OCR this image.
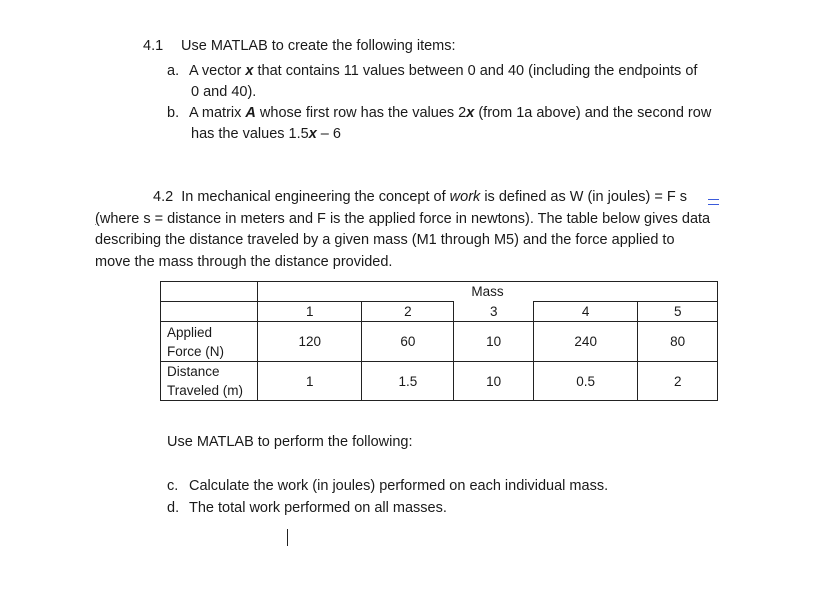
4.1 Use MATLAB to create the following items:
a. A vector x that contains 11 values between 0 and 40 (including the endpoints of
0 and 40).
b. A matrix A whose first row has the values 2x (from 1a above) and the second row
has the values 1.5x – 6
4.2 In mechanical engineering the concept of work is defined as W (in joules) = F s
(where s = distance in meters and F is the applied force in newtons). The table below gives data
describing the distance traveled by a given mass (M1 through M5) and the force applied to
move the mass through the distance provided.
	Mass				
	1	2	3	4	5
Applied
Force (N)	120	60	10	240	80
Distance
Traveled (m)	1	1.5	10	0.5	2
Use MATLAB to perform the following:
c. Calculate the work (in joules) performed on each individual mass.
d. The total work performed on all masses.
